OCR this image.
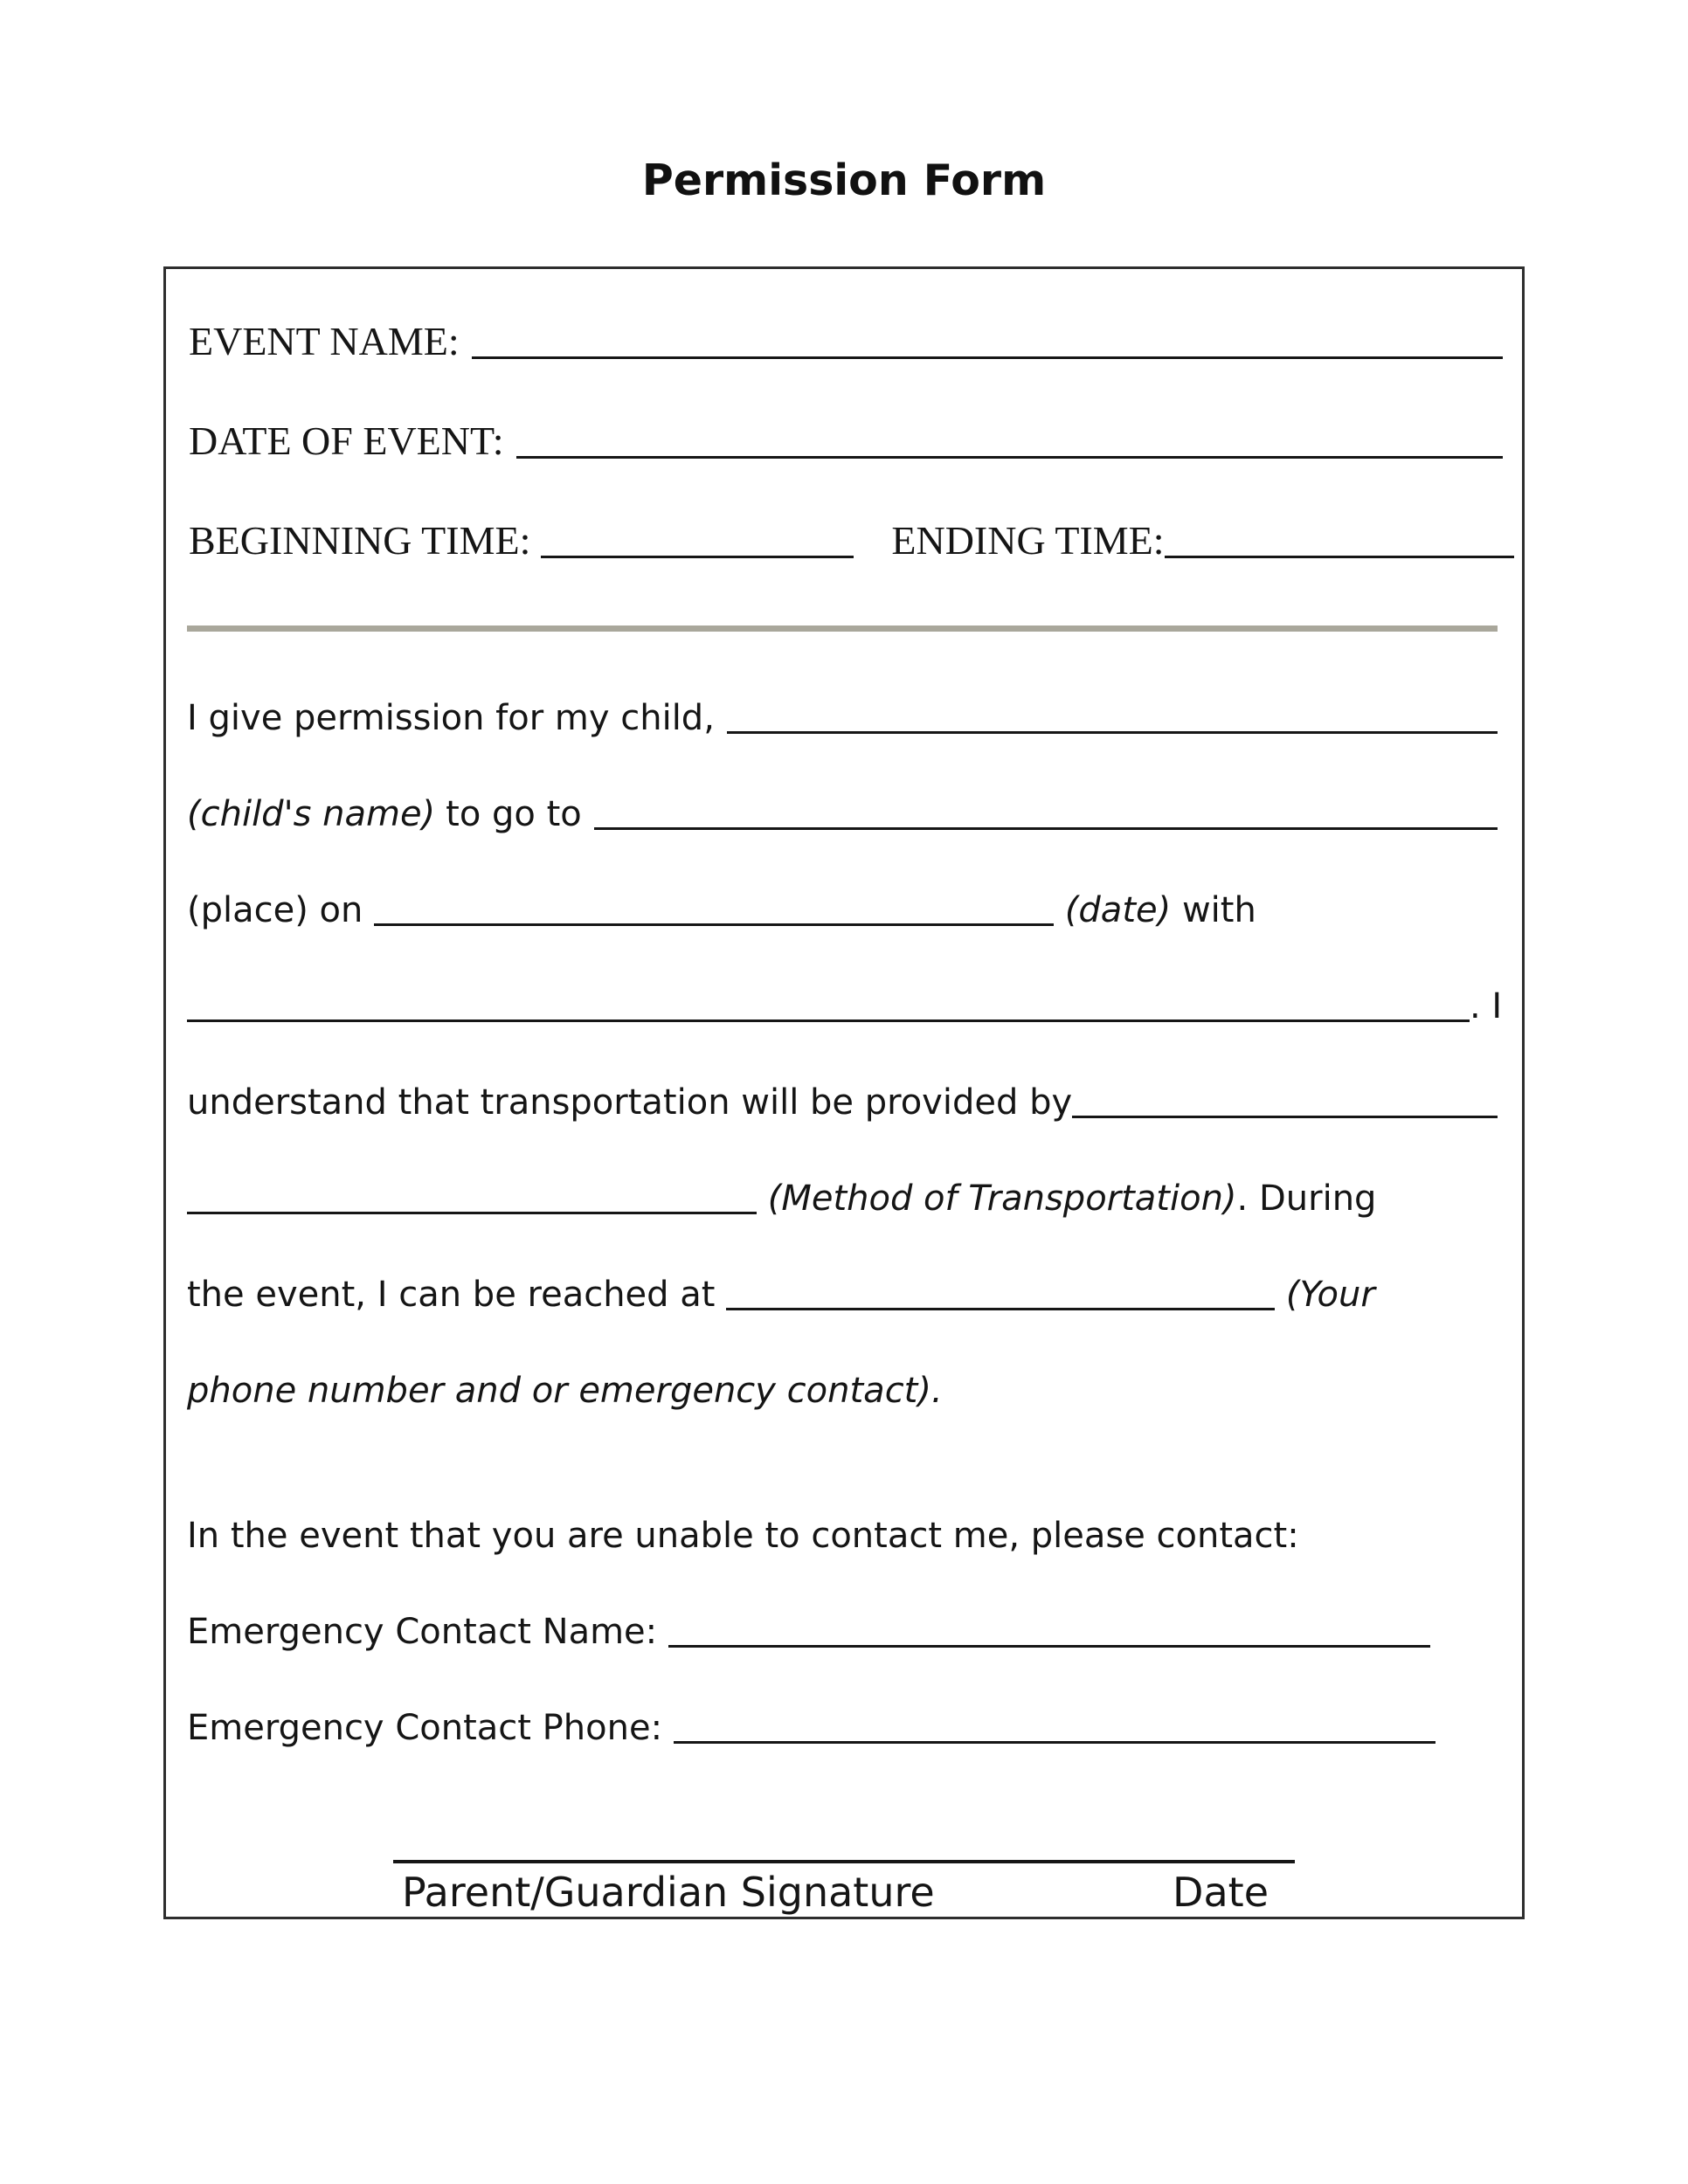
Permission Form
EVENT NAME:
DATE OF EVENT:
BEGINNING TIME:	ENDING TIME:
I give permission for my child,
(child's name) to go to
(place) on	(date) with
. I
understand that transportation will be provided by
(Method of Transportation). During
the event, I can be reached at	(Your
phone number and or emergency contact).
In the event that you are unable to contact me, please contact:
Emergency Contact Name:
Emergency Contact Phone:
Parent/Guardian Signature	Date
